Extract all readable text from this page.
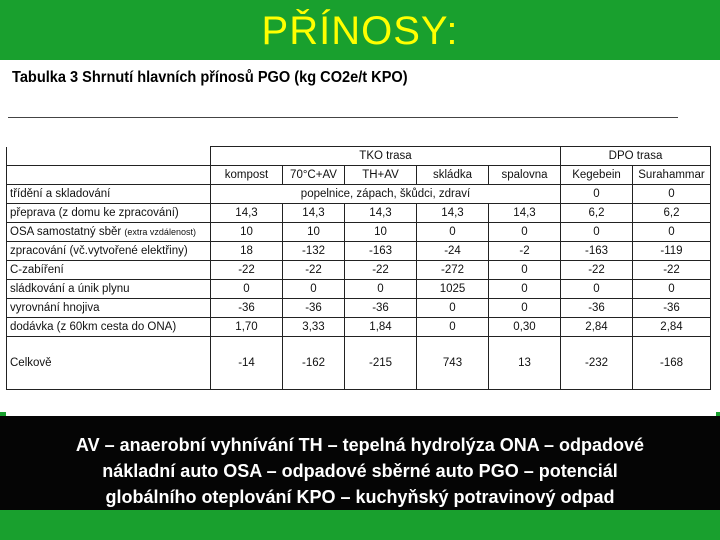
PŘÍNOSY:
Tabulka 3 Shrnutí hlavních přínosů PGO (kg CO2e/t KPO)
	TKO trasa					DPO trasa	
	kompost	70°C+AV	TH+AV	skládka	spalovna	Kegebein	Surahammar
třídění a skladování	popelnice, zápach, škůdci, zdraví					0	0
přeprava (z domu ke zpracování)	14,3	14,3	14,3	14,3	14,3	6,2	6,2
OSA samostatný sběr (extra vzdálenost)	10	10	10	0	0	0	0
zpracování (vč.vytvořené elektřiny)	18	-132	-163	-24	-2	-163	-119
C-zabíření	-22	-22	-22	-272	0	-22	-22
sládkování a únik plynu	0	0	0	1025	0	0	0
vyrovnání hnojiva	-36	-36	-36	0	0	-36	-36
dodávka (z 60km cesta do ONA)	1,70	3,33	1,84	0	0,30	2,84	2,84
Celkově	-14	-162	-215	743	13	-232	-168
AV – anaerobní vyhnívání TH – tepelná hydrolýza ONA – odpadové
nákladní auto OSA – odpadové sběrné auto PGO – potenciál
globálního oteplování KPO – kuchyňský potravinový odpad
